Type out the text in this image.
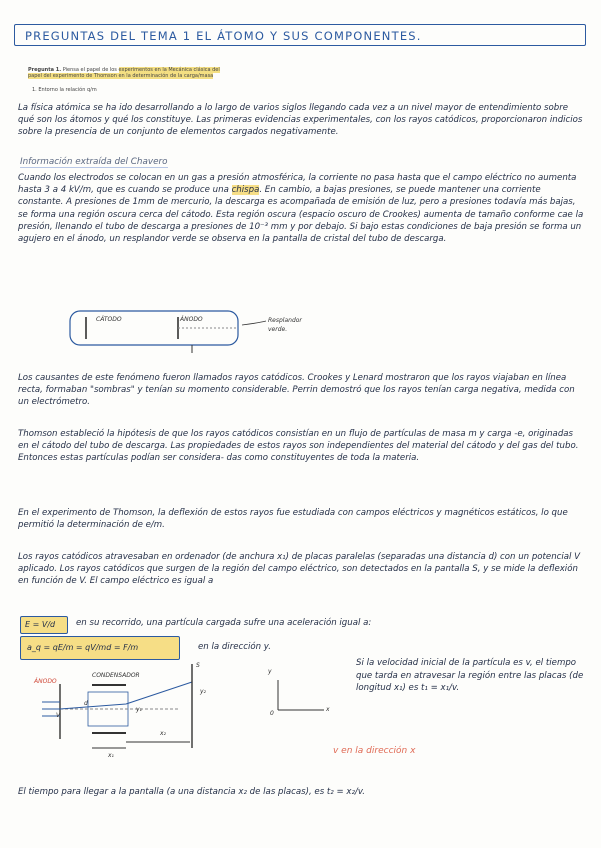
PREGUNTAS DEL TEMA 1 EL ÁTOMO Y SUS COMPONENTES.
Pregunta 1. Piensa el papel de los experimentos en la Mecánica clásica del papel del experimento de Thomson en la determinación de la carga/masa
1. Entorno la relación q/m
La física atómica se ha ido desarrollando a lo largo de varios siglos llegando cada vez a un nivel mayor de entendimiento sobre qué son los átomos y qué los constituye. Las primeras evidencias experimentales, con los rayos catódicos, proporcionaron indicios sobre la presencia de un conjunto de elementos cargados negativamente.
Información extraída del Chavero
Cuando los electrodos se colocan en un gas a presión atmosférica, la corriente no pasa hasta que el campo eléctrico no aumenta hasta 3 a 4 kV/m, que es cuando se produce una chispa. En cambio, a bajas presiones, se puede mantener una corriente constante. A presiones de 1mm de mercurio, la descarga es acompañada de emisión de luz, pero a presiones todavía más bajas, se forma una región oscura cerca del cátodo. Esta región oscura (espacio oscuro de Crookes) aumenta de tamaño conforme cae la presión, llenando el tubo de descarga a presiones de 10⁻³ mm y por debajo. Si bajo estas condiciones de baja presión se forma un agujero en el ánodo, un resplandor verde se observa en la pantalla de cristal del tubo de descarga.
CÁTODO	ÁNODO	Resplandor verde.
Los causantes de este fenómeno fueron llamados rayos catódicos. Crookes y Lenard mostraron que los rayos viajaban en línea recta, formaban "sombras" y tenían su momento considerable. Perrin demostró que los rayos tenían carga negativa, medida con un electrómetro.
Thomson estableció la hipótesis de que los rayos catódicos consistían en un flujo de partículas de masa m y carga -e, originadas en el cátodo del tubo de descarga. Las propiedades de estos rayos son independientes del material del cátodo y del gas del tubo. Entonces estas partículas podían ser considera- das como constituyentes de toda la materia.
En el experimento de Thomson, la deflexión de estos rayos fue estudiada con campos eléctricos y magnéticos estáticos, lo que permitió la determinación de e/m.
Los rayos catódicos atravesaban en ordenador (de anchura x₁) de placas paralelas (separadas una distancia d) con un potencial V aplicado. Los rayos catódicos que surgen de la región del campo eléctrico, son detectados en la pantalla S, y se mide la deflexión en función de V. El campo eléctrico es igual a
E = V/d	en su recorrido, una partícula cargada sufre una aceleración igual a:
a_q = qE/m = qV/md = F/m	en la dirección y.
ÁNODO
CONDENSADOR
S
y₂
x₂
x₁
d
V
y₁
y
x
0
Si la velocidad inicial de la partícula es v, el tiempo que tarda en atravesar la región entre las placas (de longitud x₁) es t₁ = x₁/v.
v en la dirección x
El tiempo para llegar a la pantalla (a una distancia x₂ de las placas), es t₂ = x₂/v.
